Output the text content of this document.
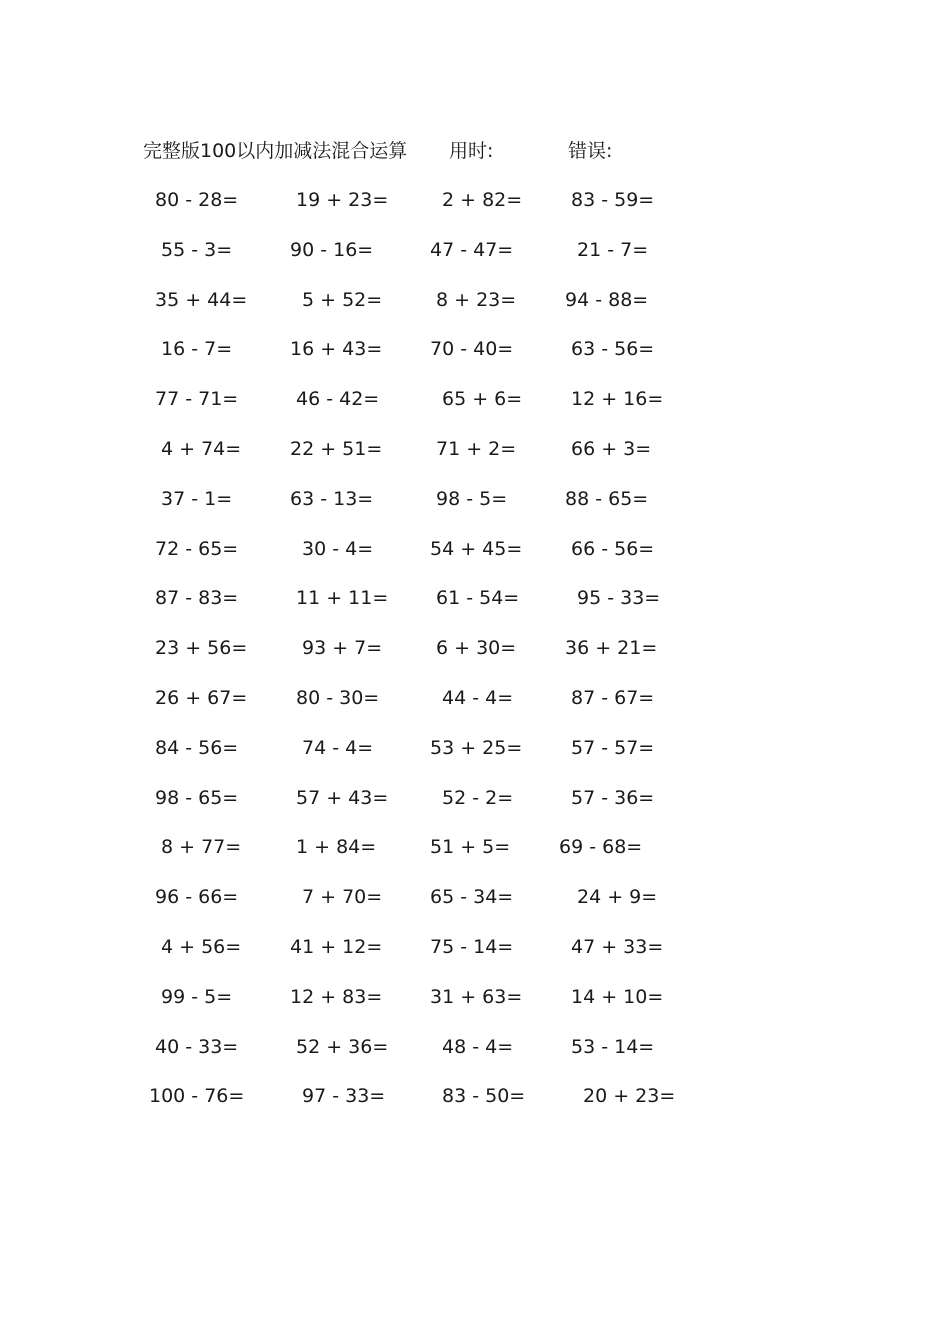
完整版100以内加减法混合运算 用时:	错误:
80 - 28=	19 + 23=	2 + 82=	83 - 59=
55 - 3=	90 - 16=	47 - 47=	21 - 7=
35 + 44=	5 + 52=	8 + 23=	94 - 88=
16 - 7=	16 + 43=	70 - 40=	63 - 56=
77 - 71=	46 - 42=	65 + 6=	12 + 16=
4 + 74=	22 + 51=	71 + 2=	66 + 3=
37 - 1=	63 - 13=	98 - 5=	88 - 65=
72 - 65=	30 - 4=	54 + 45=	66 - 56=
87 - 83=	11 + 11=	61 - 54=	95 - 33=
23 + 56=	93 + 7=	6 + 30=	36 + 21=
26 + 67=	80 - 30=	44 - 4=	87 - 67=
84 - 56=	74 - 4=	53 + 25=	57 - 57=
98 - 65=	57 + 43=	52 - 2=	57 - 36=
8 + 77=	1 + 84=	51 + 5=	69 - 68=
96 - 66=	7 + 70=	65 - 34=	24 + 9=
4 + 56=	41 + 12=	75 - 14=	47 + 33=
99 - 5=	12 + 83=	31 + 63=	14 + 10=
40 - 33=	52 + 36=	48 - 4=	53 - 14=
100 - 76=	97 - 33=	83 - 50=	20 + 23=
